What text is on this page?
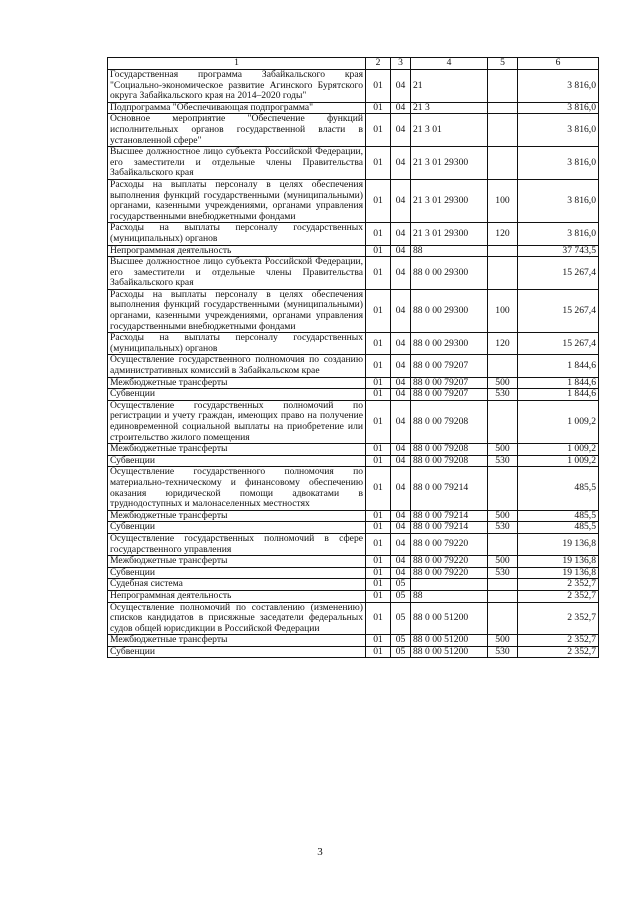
1	2	3	4	5	6
Государственная программа Забайкальского края "Социально-экономическое развитие Агинского Бурятского округа Забайкальского края на 2014–2020 годы"	01	04	21		3 816,0
Подпрограмма "Обеспечивающая подпрограмма"	01	04	21 3		3 816,0
Основное мероприятие "Обеспечение функций исполнительных органов государственной власти в установленной сфере"	01	04	21 3 01		3 816,0
Высшее должностное лицо субъекта Российской Федерации, его заместители и отдельные члены Правительства Забайкальского края	01	04	21 3 01 29300		3 816,0
Расходы на выплаты персоналу в целях обеспечения выполнения функций государственными (муниципальными) органами, казенными учреждениями, органами управления государственными внебюджетными фондами	01	04	21 3 01 29300	100	3 816,0
Расходы на выплаты персоналу государственных (муниципальных) органов	01	04	21 3 01 29300	120	3 816,0
Непрограммная деятельность	01	04	88		37 743,5
Высшее должностное лицо субъекта Российской Федерации, его заместители и отдельные члены Правительства Забайкальского края	01	04	88 0 00 29300		15 267,4
Расходы на выплаты персоналу в целях обеспечения выполнения функций государственными (муниципальными) органами, казенными учреждениями, органами управления государственными внебюджетными фондами	01	04	88 0 00 29300	100	15 267,4
Расходы на выплаты персоналу государственных (муниципальных) органов	01	04	88 0 00 29300	120	15 267,4
Осуществление государственного полномочия по созданию административных комиссий в Забайкальском крае	01	04	88 0 00 79207		1 844,6
Межбюджетные трансферты	01	04	88 0 00 79207	500	1 844,6
Субвенции	01	04	88 0 00 79207	530	1 844,6
Осуществление государственных полномочий по регистрации и учету граждан, имеющих право на получение единовременной социальной выплаты на приобретение или строительство жилого помещения	01	04	88 0 00 79208		1 009,2
Межбюджетные трансферты	01	04	88 0 00 79208	500	1 009,2
Субвенции	01	04	88 0 00 79208	530	1 009,2
Осуществление государственного полномочия по материально-техническому и финансовому обеспечению оказания юридической помощи адвокатами в труднодоступных и малонаселенных местностях	01	04	88 0 00 79214		485,5
Межбюджетные трансферты	01	04	88 0 00 79214	500	485,5
Субвенции	01	04	88 0 00 79214	530	485,5
Осуществление государственных полномочий в сфере государственного управления	01	04	88 0 00 79220		19 136,8
Межбюджетные трансферты	01	04	88 0 00 79220	500	19 136,8
Субвенции	01	04	88 0 00 79220	530	19 136,8
Судебная система	01	05			2 352,7
Непрограммная деятельность	01	05	88		2 352,7
Осуществление полномочий по составлению (изменению) списков кандидатов в присяжные заседатели федеральных судов общей юрисдикции в Российской Федерации	01	05	88 0 00 51200		2 352,7
Межбюджетные трансферты	01	05	88 0 00 51200	500	2 352,7
Субвенции	01	05	88 0 00 51200	530	2 352,7
3
